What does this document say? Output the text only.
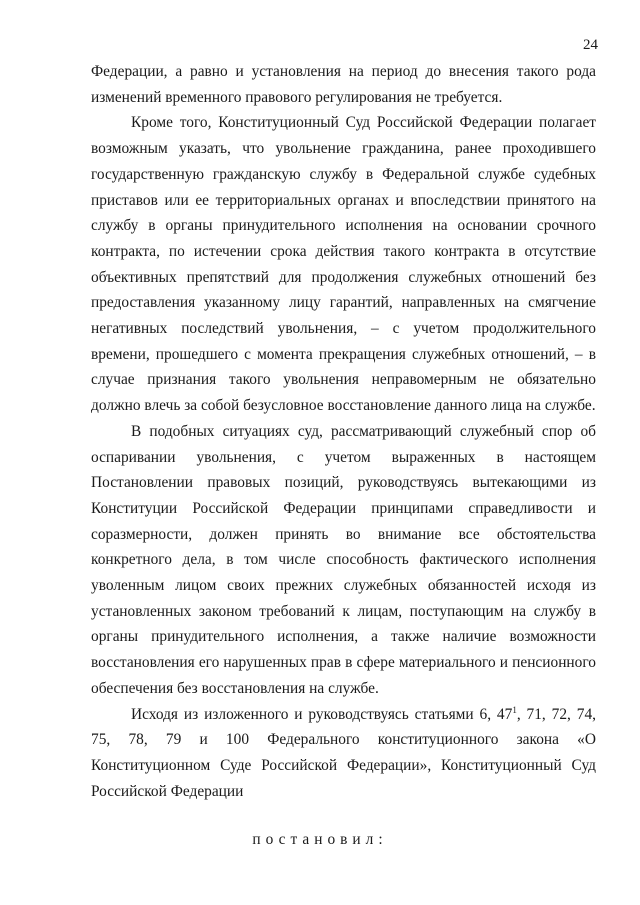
24

Федерации, а равно и установления на период до внесения такого рода изменений временного правового регулирования не требуется.

Кроме того, Конституционный Суд Российской Федерации полагает возможным указать, что увольнение гражданина, ранее проходившего государственную гражданскую службу в Федеральной службе судебных приставов или ее территориальных органах и впоследствии принятого на службу в органы принудительного исполнения на основании срочного контракта, по истечении срока действия такого контракта в отсутствие объективных препятствий для продолжения служебных отношений без предоставления указанному лицу гарантий, направленных на смягчение негативных последствий увольнения, – с учетом продолжительного времени, прошедшего с момента прекращения служебных отношений, – в случае признания такого увольнения неправомерным не обязательно должно влечь за собой безусловное восстановление данного лица на службе.

В подобных ситуациях суд, рассматривающий служебный спор об оспаривании увольнения, с учетом выраженных в настоящем Постановлении правовых позиций, руководствуясь вытекающими из Конституции Российской Федерации принципами справедливости и соразмерности, должен принять во внимание все обстоятельства конкретного дела, в том числе способность фактического исполнения уволенным лицом своих прежних служебных обязанностей исходя из установленных законом требований к лицам, поступающим на службу в органы принудительного исполнения, а также наличие возможности восстановления его нарушенных прав в сфере материального и пенсионного обеспечения без восстановления на службе.

Исходя из изложенного и руководствуясь статьями 6, $47^1$, 71, 72, 74, 75, 78, 79 и 100 Федерального конституционного закона «О Конституционном Суде Российской Федерации», Конституционный Суд Российской Федерации

постановил:
